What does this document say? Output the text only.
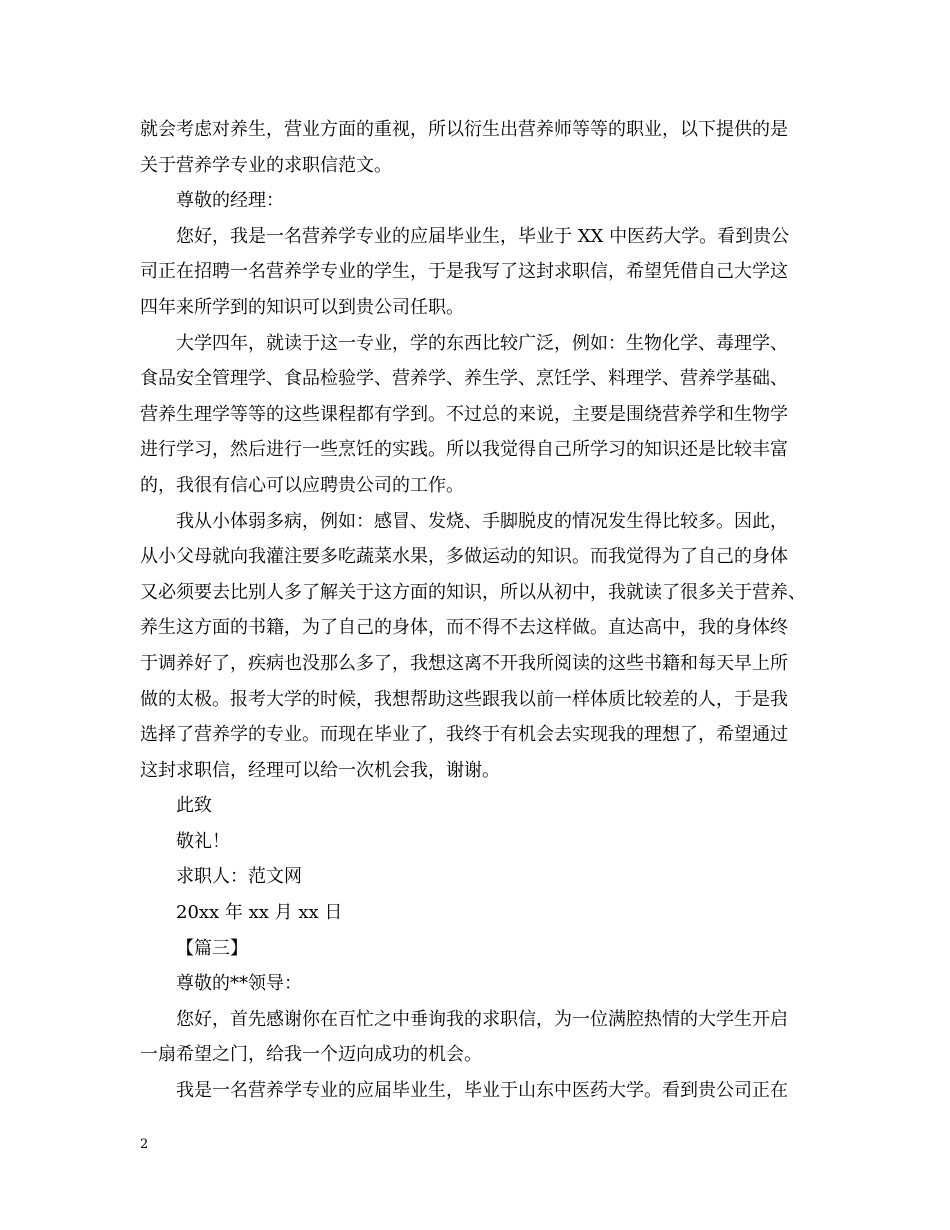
就会考虑对养生，营业方面的重视，所以衍生出营养师等等的职业，以下提供的是
关于营养学专业的求职信范文。
尊敬的经理：
您好，我是一名营养学专业的应届毕业生，毕业于 XX 中医药大学。看到贵公
司正在招聘一名营养学专业的学生，于是我写了这封求职信，希望凭借自己大学这
四年来所学到的知识可以到贵公司任职。
大学四年，就读于这一专业，学的东西比较广泛，例如：生物化学、毒理学、
食品安全管理学、食品检验学、营养学、养生学、烹饪学、料理学、营养学基础、
营养生理学等等的这些课程都有学到。不过总的来说，主要是围绕营养学和生物学
进行学习，然后进行一些烹饪的实践。所以我觉得自己所学习的知识还是比较丰富
的，我很有信心可以应聘贵公司的工作。
我从小体弱多病，例如：感冒、发烧、手脚脱皮的情况发生得比较多。因此，
从小父母就向我灌注要多吃蔬菜水果，多做运动的知识。而我觉得为了自己的身体
又必须要去比别人多了解关于这方面的知识，所以从初中，我就读了很多关于营养、
养生这方面的书籍，为了自己的身体，而不得不去这样做。直达高中，我的身体终
于调养好了，疾病也没那么多了，我想这离不开我所阅读的这些书籍和每天早上所
做的太极。报考大学的时候，我想帮助这些跟我以前一样体质比较差的人，于是我
选择了营养学的专业。而现在毕业了，我终于有机会去实现我的理想了，希望通过
这封求职信，经理可以给一次机会我，谢谢。
此致
敬礼！
求职人：范文网
20xx 年 xx 月 xx 日
【篇三】
尊敬的**领导：
您好，首先感谢你在百忙之中垂询我的求职信，为一位满腔热情的大学生开启
一扇希望之门，给我一个迈向成功的机会。
我是一名营养学专业的应届毕业生，毕业于山东中医药大学。看到贵公司正在
2
